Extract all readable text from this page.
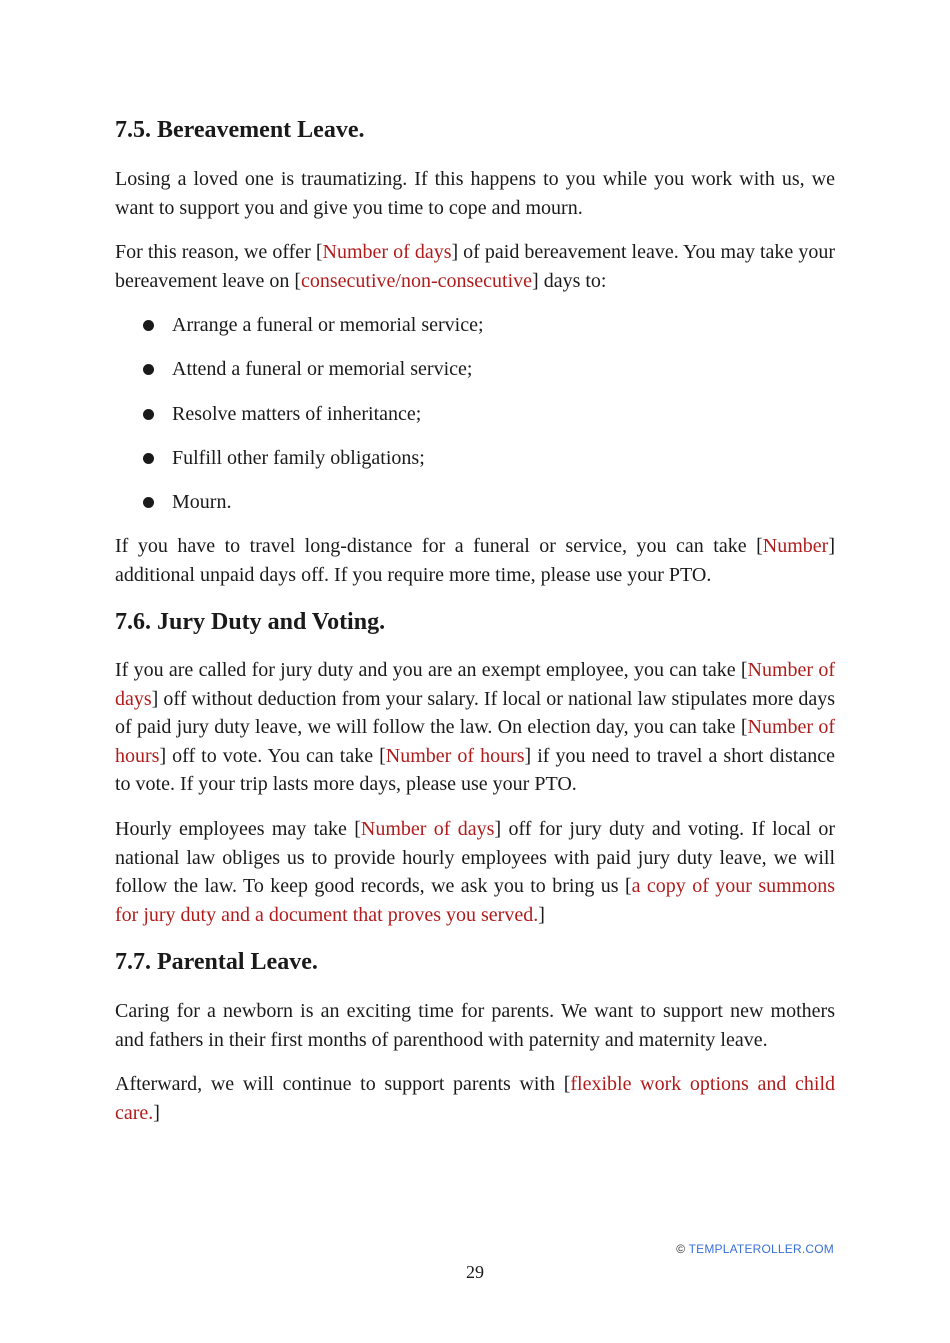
7.5. Bereavement Leave.

Losing a loved one is traumatizing. If this happens to you while you work with us, we want to support you and give you time to cope and mourn.

For this reason, we offer [Number of days] of paid bereavement leave. You may take your bereavement leave on [consecutive/non-consecutive] days to:

Arrange a funeral or memorial service;
Attend a funeral or memorial service;
Resolve matters of inheritance;
Fulfill other family obligations;
Mourn.

If you have to travel long-distance for a funeral or service, you can take [Number] additional unpaid days off. If you require more time, please use your PTO.

7.6. Jury Duty and Voting.

If you are called for jury duty and you are an exempt employee, you can take [Number of days] off without deduction from your salary. If local or national law stipulates more days of paid jury duty leave, we will follow the law. On election day, you can take [Number of hours] off to vote. You can take [Number of hours] if you need to travel a short distance to vote. If your trip lasts more days, please use your PTO.

Hourly employees may take [Number of days] off for jury duty and voting. If local or national law obliges us to provide hourly employees with paid jury duty leave, we will follow the law. To keep good records, we ask you to bring us [a copy of your summons for jury duty and a document that proves you served.]

7.7. Parental Leave.

Caring for a newborn is an exciting time for parents. We want to support new mothers and fathers in their first months of parenthood with paternity and maternity leave.

Afterward, we will continue to support parents with [flexible work options and child care.]

© TEMPLATEROLLER.COM
29
